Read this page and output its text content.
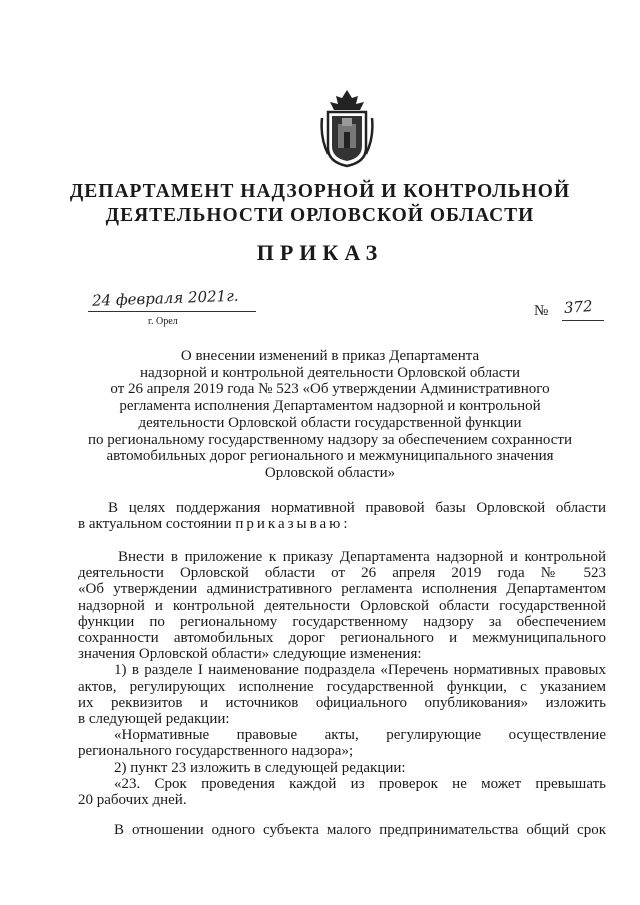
ДЕПАРТАМЕНТ НАДЗОРНОЙ И КОНТРОЛЬНОЙ
ДЕЯТЕЛЬНОСТИ ОРЛОВСКОЙ ОБЛАСТИ
ПРИКАЗ
24 февраля 2021г.
г. Орел
№ 372
О внесении изменений в приказ Департамента
надзорной и контрольной деятельности Орловской области
от 26 апреля 2019 года № 523 «Об утверждении Административного
регламента исполнения Департаментом надзорной и контрольной
деятельности Орловской области государственной функции
по региональному государственному надзору за обеспечением сохранности
автомобильных дорог регионального и межмуниципального значения
Орловской области»
В целях поддержания нормативной правовой базы Орловской области
в актуальном состоянии приказываю:
Внести в приложение к приказу Департамента надзорной и контрольной
деятельности Орловской области от 26 апреля 2019 года № 523
«Об утверждении административного регламента исполнения Департаментом
надзорной и контрольной деятельности Орловской области государственной
функции по региональному государственному надзору за обеспечением
сохранности автомобильных дорог регионального и межмуниципального
значения Орловской области» следующие изменения:
1) в разделе I наименование подраздела «Перечень нормативных правовых
актов, регулирующих исполнение государственной функции, с указанием
их реквизитов и источников официального опубликования» изложить
в следующей редакции:
«Нормативные правовые акты, регулирующие осуществление
регионального государственного надзора»;
2) пункт 23 изложить в следующей редакции:
«23. Срок проведения каждой из проверок не может превышать
20 рабочих дней.
В отношении одного субъекта малого предпринимательства общий срок
